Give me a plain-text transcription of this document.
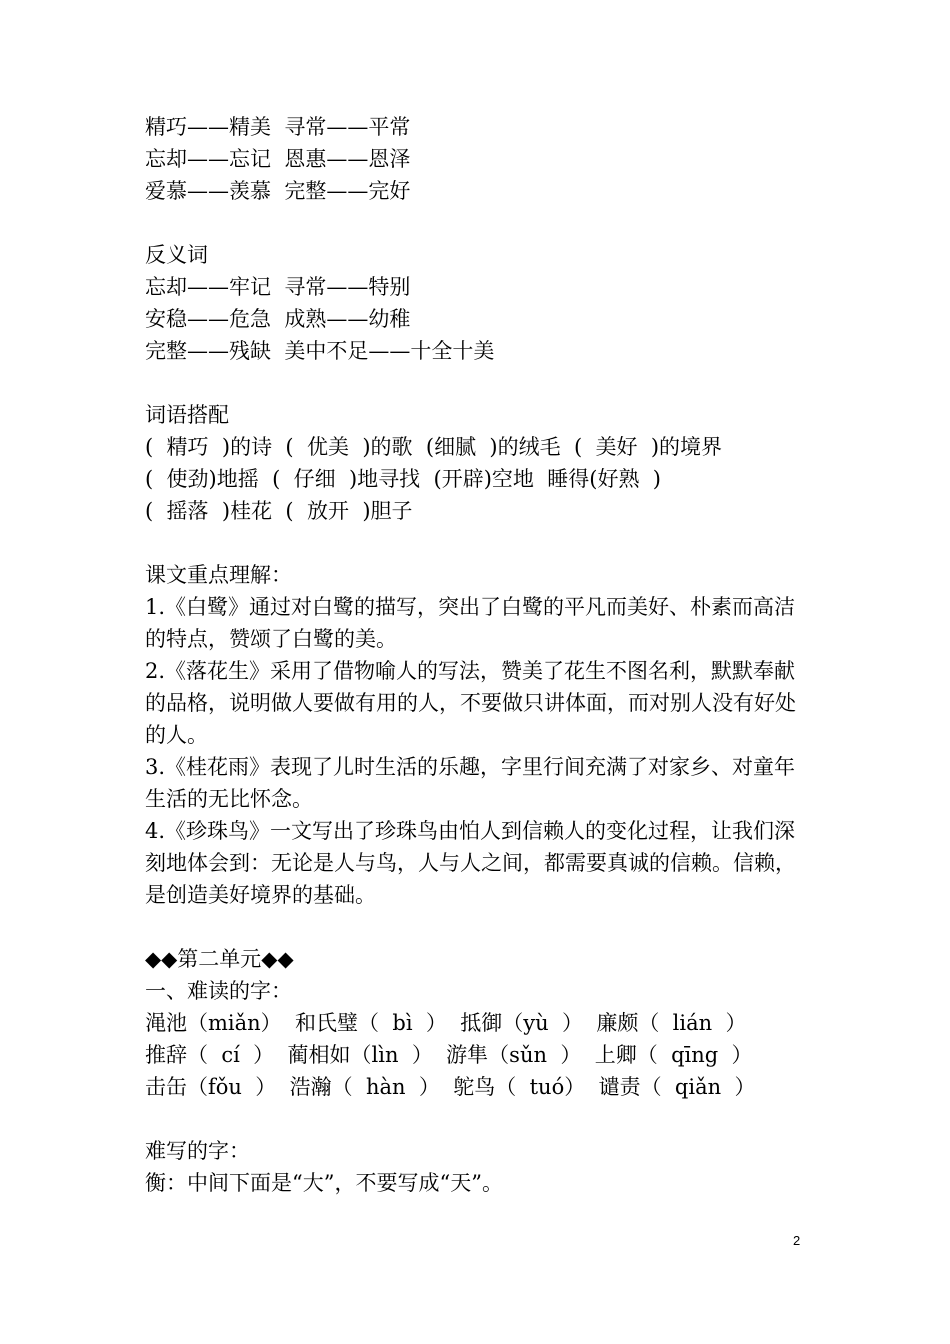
精巧——精美  寻常——平常

忘却——忘记  恩惠——恩泽

爱慕——羡慕  完整——完好

反义词

忘却——牢记  寻常——特别

安稳——危急  成熟——幼稚

完整——残缺  美中不足——十全十美

词语搭配

(  精巧  )的诗  (  优美  )的歌  (细腻  )的绒毛  (  美好  )的境界

(  使劲)地摇  (  仔细  )地寻找  (开辟)空地  睡得(好熟  )

(  摇落  )桂花  (  放开  )胆子

课文重点理解：

1.《白鹭》通过对白鹭的描写，突出了白鹭的平凡而美好、朴素而高洁的特点，赞颂了白鹭的美。

2.《落花生》采用了借物喻人的写法，赞美了花生不图名利，默默奉献的品格，说明做人要做有用的人，不要做只讲体面，而对别人没有好处的人。

3.《桂花雨》表现了儿时生活的乐趣，字里行间充满了对家乡、对童年生活的无比怀念。

4.《珍珠鸟》一文写出了珍珠鸟由怕人到信赖人的变化过程，让我们深刻地体会到：无论是人与鸟，人与人之间，都需要真诚的信赖。信赖，是创造美好境界的基础。

◆◆第二单元◆◆

一、难读的字：

渑池（miǎn）  和氏璧（  bì  ）  抵御（yù  ）  廉颇（  lián  ）

推辞（  cí  ）  蔺相如（lìn  ）  游隼（sǔn  ）  上卿（  qīng  ）

击缶（fǒu  ）  浩瀚（  hàn  ）  鸵鸟（  tuó）  谴责（  qiǎn  ）

难写的字：

衡：中间下面是“大”，不要写成“天”。

2
